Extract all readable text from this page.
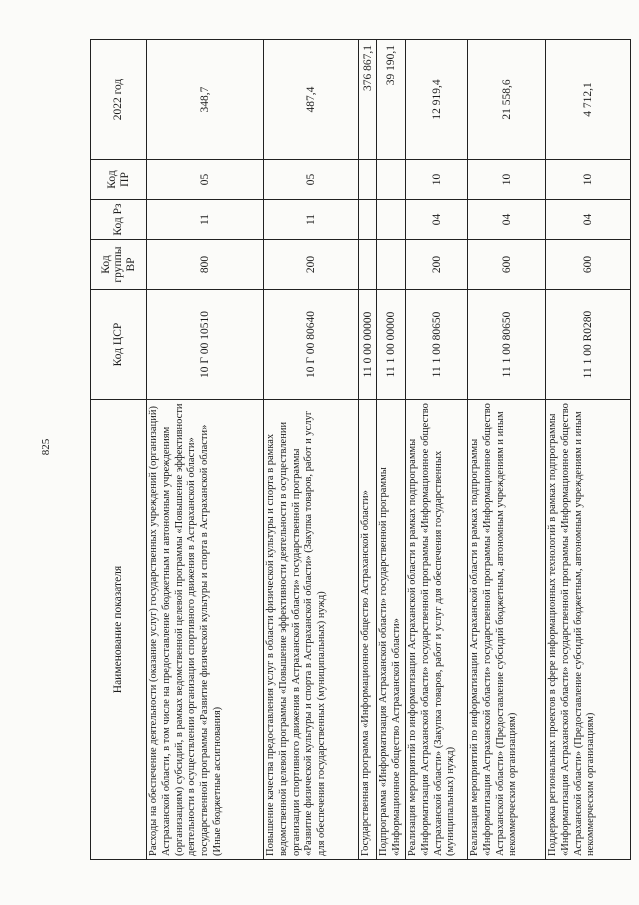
825
Наименование показателя	Код ЦСР	Код группы ВР	Код Рз	Код ПР	2022 год
Расходы на обеспечение деятельности (оказание услуг) государственных учреждений (организаций) Астраханской области, в том числе на предоставление бюджетным и автономным учреждениям (организациям) субсидий, в рамках ведомственной целевой программы «Повышение эффективности деятельности в осуществлении организации спортивного движения в Астраханской области» государственной программы «Развитие физической культуры и спорта в Астраханской области» (Иные бюджетные ассигнования)	10 Г 00 10510	800	11	05	348,7
Повышение качества предоставления услуг в области физической культуры и спорта в рамках ведомственной целевой программы «Повышение эффективности деятельности в осуществлении организации спортивного движения в Астраханской области» государственной программы «Развитие физической культуры и спорта в Астраханской области» (Закупка товаров, работ и услуг для обеспечения государственных (муниципальных) нужд)	10 Г 00 80640	200	11	05	487,4
Государственная программа «Информационное общество Астраханской области»	11 0 00 00000				376 867,1
Подпрограмма «Информатизация Астраханской области» государственной программы «Информационное общество Астраханской области»	11 1 00 00000				39 190,1
Реализация мероприятий по информатизации Астраханской области в рамках подпрограммы «Информатизация Астраханской области» государственной программы «Информационное общество Астраханской области» (Закупка товаров, работ и услуг для обеспечения государственных (муниципальных) нужд)	11 1 00 80650	200	04	10	12 919,4
Реализация мероприятий по информатизации Астраханской области в рамках подпрограммы «Информатизация Астраханской области» государственной программы «Информационное общество Астраханской области» (Предоставление субсидий бюджетным, автономным учреждениям и иным некоммерческим организациям)	11 1 00 80650	600	04	10	21 558,6
Поддержка региональных проектов в сфере информационных технологий в рамках подпрограммы «Информатизация Астраханской области» государственной программы «Информационное общество Астраханской области» (Предоставление субсидий бюджетным, автономным учреждениям и иным некоммерческим организациям)	11 1 00 R0280	600	04	10	4 712,1
